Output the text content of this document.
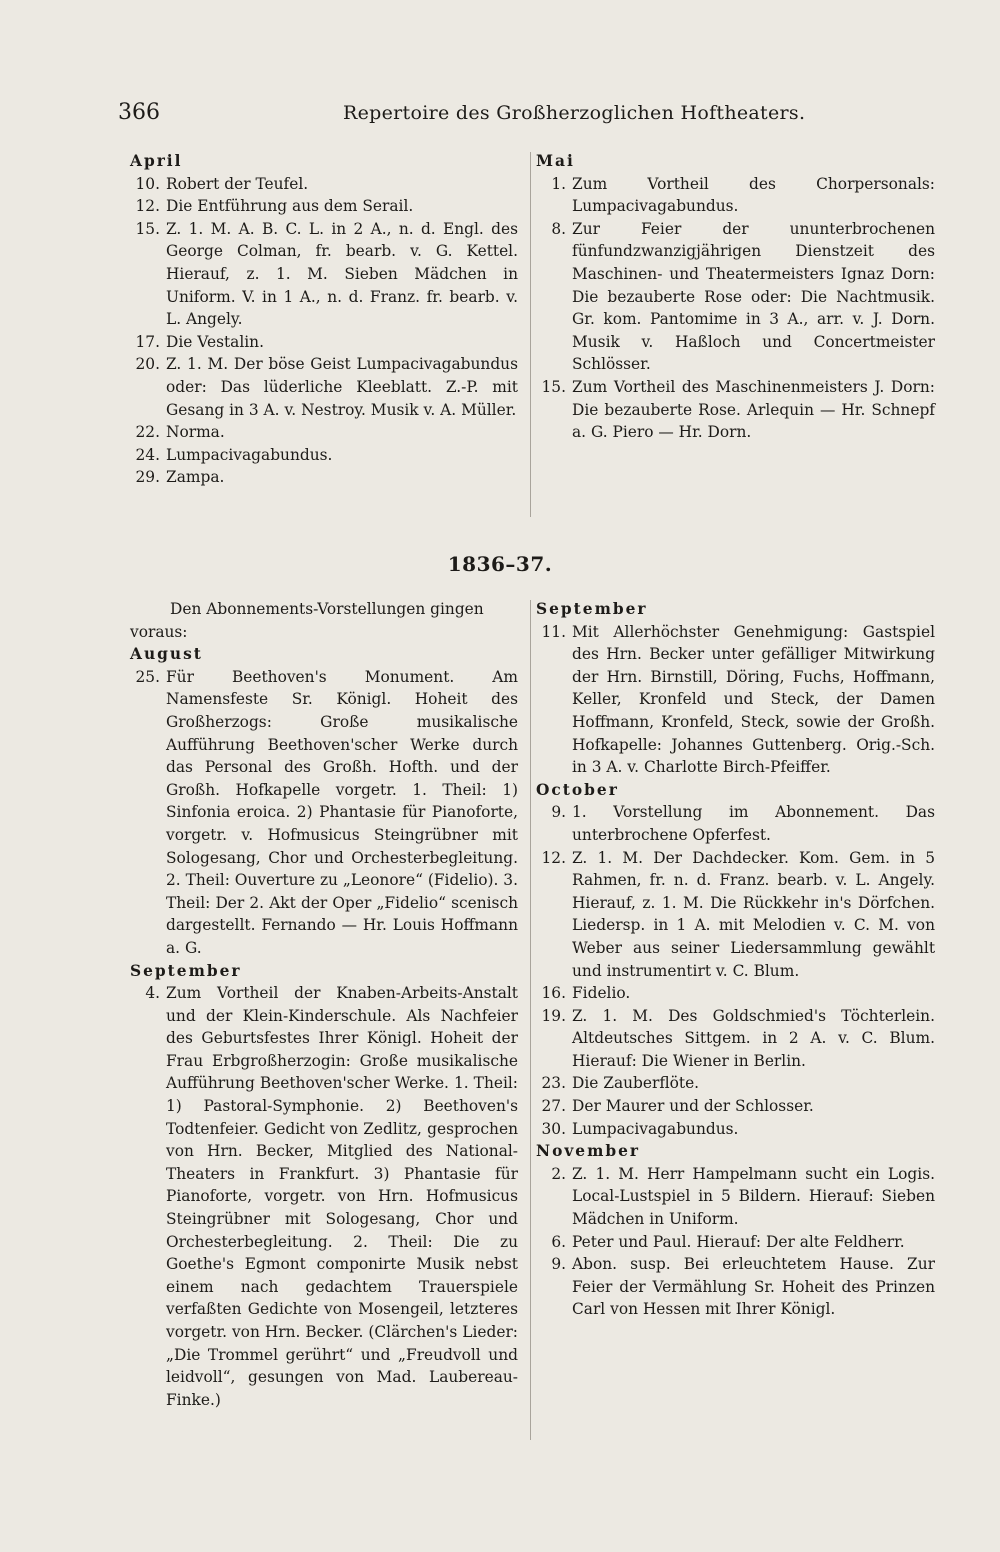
366	Repertoire des Großherzoglichen Hoftheaters.
April
10. Robert der Teufel.
12. Die Entführung aus dem Serail.
15. Z. 1. M. A. B. C. L. in 2 A., n. d. Engl. des George Colman, fr. bearb. v. G. Kettel. Hierauf, z. 1. M. Sieben Mädchen in Uniform. V. in 1 A., n. d. Franz. fr. bearb. v. L. Angely.
17. Die Vestalin.
20. Z. 1. M. Der böse Geist Lumpacivagabundus oder: Das lüderliche Kleeblatt. Z.-P. mit Gesang in 3 A. v. Nestroy. Musik v. A. Müller.
22. Norma.
24. Lumpacivagabundus.
29. Zampa.
Mai
1. Zum Vortheil des Chorpersonals: Lumpacivagabundus.
8. Zur Feier der ununterbrochenen fünfundzwanzigjährigen Dienstzeit des Maschinen- und Theatermeisters Ignaz Dorn: Die bezauberte Rose oder: Die Nachtmusik. Gr. kom. Pantomime in 3 A., arr. v. J. Dorn. Musik v. Haßloch und Concertmeister Schlösser.
15. Zum Vortheil des Maschinenmeisters J. Dorn: Die bezauberte Rose. Arlequin — Hr. Schnepf a. G. Piero — Hr. Dorn.
1836–37.
Den Abonnements-Vorstellungen gingen voraus:
August
25. Für Beethoven's Monument. Am Namensfeste Sr. Königl. Hoheit des Großherzogs: Große musikalische Aufführung Beethoven'scher Werke durch das Personal des Großh. Hofth. und der Großh. Hofkapelle vorgetr. 1. Theil: 1) Sinfonia eroica. 2) Phantasie für Pianoforte, vorgetr. v. Hofmusicus Steingrübner mit Sologesang, Chor und Orchesterbegleitung. 2. Theil: Ouverture zu „Leonore“ (Fidelio). 3. Theil: Der 2. Akt der Oper „Fidelio“ scenisch dargestellt. Fernando — Hr. Louis Hoffmann a. G.
September
4. Zum Vortheil der Knaben-Arbeits-Anstalt und der Klein-Kinderschule. Als Nachfeier des Geburtsfestes Ihrer Königl. Hoheit der Frau Erbgroßherzogin: Große musikalische Aufführung Beethoven'scher Werke. 1. Theil: 1) Pastoral-Symphonie. 2) Beethoven's Todtenfeier. Gedicht von Zedlitz, gesprochen von Hrn. Becker, Mitglied des National-Theaters in Frankfurt. 3) Phantasie für Pianoforte, vorgetr. von Hrn. Hofmusicus Steingrübner mit Sologesang, Chor und Orchesterbegleitung. 2. Theil: Die zu Goethe's Egmont componirte Musik nebst einem nach gedachtem Trauerspiele verfaßten Gedichte von Mosengeil, letzteres vorgetr. von Hrn. Becker. (Clärchen's Lieder: „Die Trommel gerührt“ und „Freudvoll und leidvoll“, gesungen von Mad. Laubereau-Finke.)
September
11. Mit Allerhöchster Genehmigung: Gastspiel des Hrn. Becker unter gefälliger Mitwirkung der Hrn. Birnstill, Döring, Fuchs, Hoffmann, Keller, Kronfeld und Steck, der Damen Hoffmann, Kronfeld, Steck, sowie der Großh. Hofkapelle: Johannes Guttenberg. Orig.-Sch. in 3 A. v. Charlotte Birch-Pfeiffer.
October
9. 1. Vorstellung im Abonnement. Das unterbrochene Opferfest.
12. Z. 1. M. Der Dachdecker. Kom. Gem. in 5 Rahmen, fr. n. d. Franz. bearb. v. L. Angely. Hierauf, z. 1. M. Die Rückkehr in's Dörfchen. Liedersp. in 1 A. mit Melodien v. C. M. von Weber aus seiner Liedersammlung gewählt und instrumentirt v. C. Blum.
16. Fidelio.
19. Z. 1. M. Des Goldschmied's Töchterlein. Altdeutsches Sittgem. in 2 A. v. C. Blum. Hierauf: Die Wiener in Berlin.
23. Die Zauberflöte.
27. Der Maurer und der Schlosser.
30. Lumpacivagabundus.
November
2. Z. 1. M. Herr Hampelmann sucht ein Logis. Local-Lustspiel in 5 Bildern. Hierauf: Sieben Mädchen in Uniform.
6. Peter und Paul. Hierauf: Der alte Feldherr.
9. Abon. susp. Bei erleuchtetem Hause. Zur Feier der Vermählung Sr. Hoheit des Prinzen Carl von Hessen mit Ihrer Königl.
